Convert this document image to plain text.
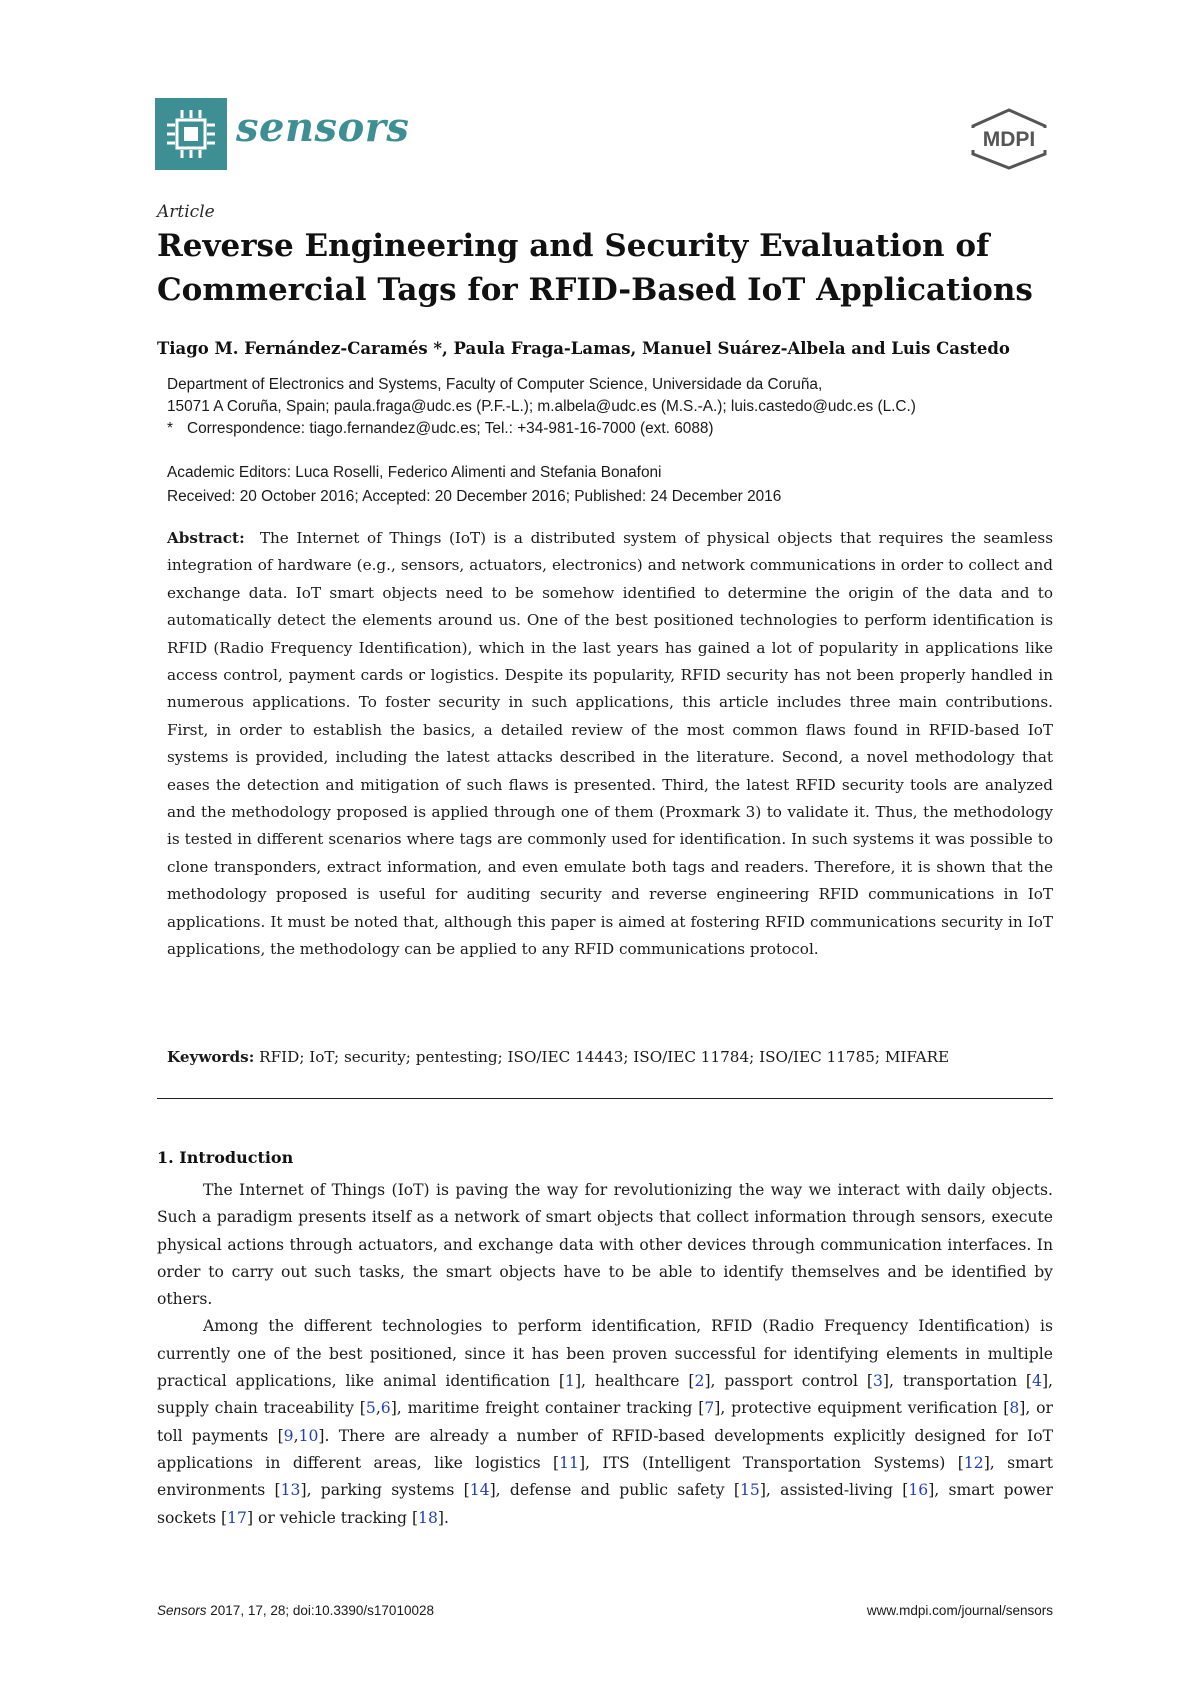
sensors	MDPI
Article
Reverse Engineering and Security Evaluation of
Commercial Tags for RFID-Based IoT Applications
Tiago M. Fernández-Caramés *, Paula Fraga-Lamas, Manuel Suárez-Albela and Luis Castedo
Department of Electronics and Systems, Faculty of Computer Science, Universidade da Coruña,
15071 A Coruña, Spain; paula.fraga@udc.es (P.F.-L.); m.albela@udc.es (M.S.-A.); luis.castedo@udc.es (L.C.)
* Correspondence: tiago.fernandez@udc.es; Tel.: +34-981-16-7000 (ext. 6088)
Academic Editors: Luca Roselli, Federico Alimenti and Stefania Bonafoni
Received: 20 October 2016; Accepted: 20 December 2016; Published: 24 December 2016
Abstract: The Internet of Things (IoT) is a distributed system of physical objects that requires the seamless integration of hardware (e.g., sensors, actuators, electronics) and network communications in order to collect and exchange data. IoT smart objects need to be somehow identified to determine the origin of the data and to automatically detect the elements around us. One of the best positioned technologies to perform identification is RFID (Radio Frequency Identification), which in the last years has gained a lot of popularity in applications like access control, payment cards or logistics. Despite its popularity, RFID security has not been properly handled in numerous applications. To foster security in such applications, this article includes three main contributions. First, in order to establish the basics, a detailed review of the most common flaws found in RFID-based IoT systems is provided, including the latest attacks described in the literature. Second, a novel methodology that eases the detection and mitigation of such flaws is presented. Third, the latest RFID security tools are analyzed and the methodology proposed is applied through one of them (Proxmark 3) to validate it. Thus, the methodology is tested in different scenarios where tags are commonly used for identification. In such systems it was possible to clone transponders, extract information, and even emulate both tags and readers. Therefore, it is shown that the methodology proposed is useful for auditing security and reverse engineering RFID communications in IoT applications. It must be noted that, although this paper is aimed at fostering RFID communications security in IoT applications, the methodology can be applied to any RFID communications protocol.
Keywords: RFID; IoT; security; pentesting; ISO/IEC 14443; ISO/IEC 11784; ISO/IEC 11785; MIFARE
1. Introduction

The Internet of Things (IoT) is paving the way for revolutionizing the way we interact with daily objects. Such a paradigm presents itself as a network of smart objects that collect information through sensors, execute physical actions through actuators, and exchange data with other devices through communication interfaces. In order to carry out such tasks, the smart objects have to be able to identify themselves and be identified by others.

Among the different technologies to perform identification, RFID (Radio Frequency Identification) is currently one of the best positioned, since it has been proven successful for identifying elements in multiple practical applications, like animal identification [1], healthcare [2], passport control [3], transportation [4], supply chain traceability [5,6], maritime freight container tracking [7], protective equipment verification [8], or toll payments [9,10]. There are already a number of RFID-based developments explicitly designed for IoT applications in different areas, like logistics [11], ITS (Intelligent Transportation Systems) [12], smart environments [13], parking systems [14], defense and public safety [15], assisted-living [16], smart power sockets [17] or vehicle tracking [18].

Sensors 2017, 17, 28; doi:10.3390/s17010028	www.mdpi.com/journal/sensors
